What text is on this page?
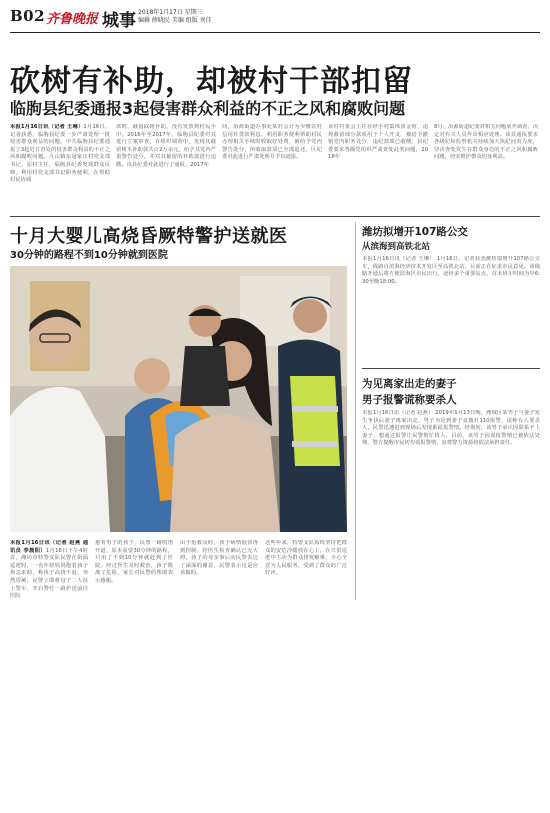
B02 齐鲁晚报 城事 2018年1月17日 星期三
编辑 薛晓民 美编 组版 刘佳
砍树有补助，却被村干部扣留
临朐县纪委通报3起侵害群众利益的不正之风和腐败问题
本报1月16日讯（记者 王琳）1月16日，记者获悉，临朐县纪委一步严肃处理一批侵害群众利益的问题。中共临朐县纪委通报了3起近日查处的侵害群众利益的不正之风和腐败问题。九山镇东逯家庄村党支部书记、原村主任，临朐县纪委发现群众反映，利用村党支部书记职务便利，在帮助村民协调
款时，截留砍树补助，没有发放到村民手中。2016年至2017年，临朐县纪委对其进行立案审查，在组织调查中，发现其截留树木补助款共计2万余元，给予其党内严重警告处分，并对其截留的补助款进行追缴。该县纪委对此进行了通报。2017年
间，冶源街道办事处某村会计为少缴农村信用社贷款利息，利用职务便利帮助村民办理相关手续时收取好处费，被给予党内警告处分，所收取款项已全部退还。区纪委对此进行严肃处理并予以通报。
该村村委会主任在经手村集体资金时，违规截留部分款项用于个人开支，被给予撤销党内职务处分，违纪款项已收缴。县纪委要求各级党组织严肃查处此类问题，2018年
8月，冶源街道纪委对相关问题展开调查，决定对有关人员作出相应处理。该县通报要求各级纪检监察机关持续加大执纪问责力度，坚决查处发生在群众身边的不正之风和腐败问题，切实维护群众切身利益。
十月大婴儿高烧昏厥特警护送就医
30分钟的路程不到10分钟就到医院
本报1月16日讯（记者 赵燕 通讯员 李晨阳）1月16日下午4时许，潍坊市特警支队民警在街面巡逻时，一名年轻妈妈抱着孩子焦急求助，称孩子高烧不退、突然昏厥，民警立即将母子二人扶上警车，开启警灯一路护送前往医院
抱着男子的孩子，民警一路鸣笛开道，原本需要30分钟的路程，只用了不到10分钟就赶到了医院。经过医生及时救治，孩子脱离了危险，家长对民警的帮助表示感谢。
由于抢救及时，孩子病情很快得到控制，经医生检查确认已无大碍。孩子的母亲事后向民警表达了深深的谢意，民警表示这是应该做的。
这些年来，特警支队始终坚持把群众的安危冷暖放在心上，在日常巡逻中主动为群众排忧解难，全心全意为人民服务，受到了群众的广泛好评。
潍坊拟增开107路公交
从滨海到高铁北站
本报1月16日讯（记者 王琳） 1月16日，记者获悉潍坊拟增开107路公交车，线路自滨海经济技术开发区至高铁北站，目前正在征求市民意见。该线路开通后将方便滨海区市民出行，途经多个重要站点，首末班车时间为早6:30至晚18:00。
为见离家出走的妻子
男子报警谎称要杀人
本报1月16日讯（记者 赵燕） 2019年1月13日晚，潍城区某男子与妻子发生争执后妻子离家出走，男子为见到妻子竟拨打110报警，谎称有人要杀人，民警迅速赶到现场后发现系谎报警情。经询问，该男子承认因联系不上妻子，想通过报警让民警帮忙找人。目前，该男子因谎报警情已被依法处理，警方提醒市民切勿谎报警情，浪费警力资源将依法承担责任。
